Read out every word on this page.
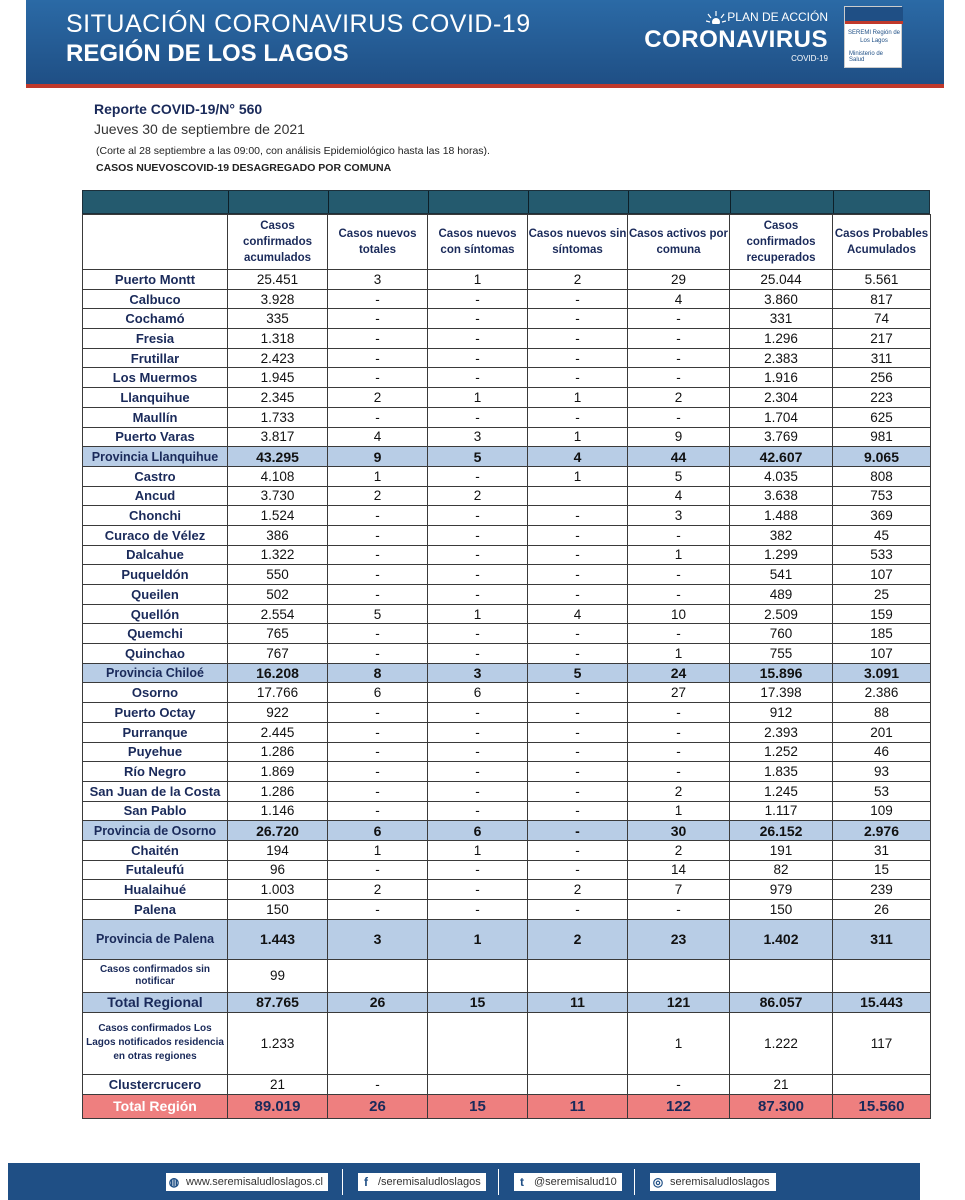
SITUACIÓN CORONAVIRUS COVID-19
REGIÓN DE LOS LAGOS
PLAN DE ACCIÓN
CORONAVIRUS
COVID-19
SEREMI Región de Los Lagos
Ministerio de Salud
Reporte COVID-19/N° 560
Jueves 30 de septiembre de 2021
(Corte al 28 septiembre a las 09:00, con análisis Epidemiológico hasta las 18 horas).
CASOS NUEVOSCOVID-19 DESAGREGADO POR COMUNA
	Casos confirmados acumulados	Casos nuevos totales	Casos nuevos con síntomas	Casos nuevos sin síntomas	Casos activos por comuna	Casos confirmados recuperados	Casos Probables Acumulados
Puerto Montt	25.451	3	1	2	29	25.044	5.561
Calbuco	3.928	-	-	-	4	3.860	817
Cochamó	335	-	-	-	-	331	74
Fresia	1.318	-	-	-	-	1.296	217
Frutillar	2.423	-	-	-	-	2.383	311
Los Muermos	1.945	-	-	-	-	1.916	256
Llanquihue	2.345	2	1	1	2	2.304	223
Maullín	1.733	-	-	-	-	1.704	625
Puerto Varas	3.817	4	3	1	9	3.769	981
Provincia Llanquihue	43.295	9	5	4	44	42.607	9.065
Castro	4.108	1	-	1	5	4.035	808
Ancud	3.730	2	2		4	3.638	753
Chonchi	1.524	-	-	-	3	1.488	369
Curaco de Vélez	386	-	-	-	-	382	45
Dalcahue	1.322	-	-	-	1	1.299	533
Puqueldón	550	-	-	-	-	541	107
Queilen	502	-	-	-	-	489	25
Quellón	2.554	5	1	4	10	2.509	159
Quemchi	765	-	-	-	-	760	185
Quinchao	767	-	-	-	1	755	107
Provincia Chiloé	16.208	8	3	5	24	15.896	3.091
Osorno	17.766	6	6	-	27	17.398	2.386
Puerto Octay	922	-	-	-	-	912	88
Purranque	2.445	-	-	-	-	2.393	201
Puyehue	1.286	-	-	-	-	1.252	46
Río Negro	1.869	-	-	-	-	1.835	93
San Juan de la Costa	1.286	-	-	-	2	1.245	53
San Pablo	1.146	-	-	-	1	1.117	109
Provincia de Osorno	26.720	6	6	-	30	26.152	2.976
Chaitén	194	1	1	-	2	191	31
Futaleufú	96	-	-	-	14	82	15
Hualaihué	1.003	2	-	2	7	979	239
Palena	150	-	-	-	-	150	26
Provincia de Palena	1.443	3	1	2	23	1.402	311
Casos confirmados sin notificar	99						
Total Regional	87.765	26	15	11	121	86.057	15.443
Casos confirmados Los Lagos notificados residencia en otras regiones	1.233				1	1.222	117
Clustercrucero	21	-			-	21	
Total Región	89.019	26	15	11	122	87.300	15.560
◍ www.seremisaludloslagos.cl	f /seremisaludloslagos	t @seremisalud10	◎ seremisaludloslagos
